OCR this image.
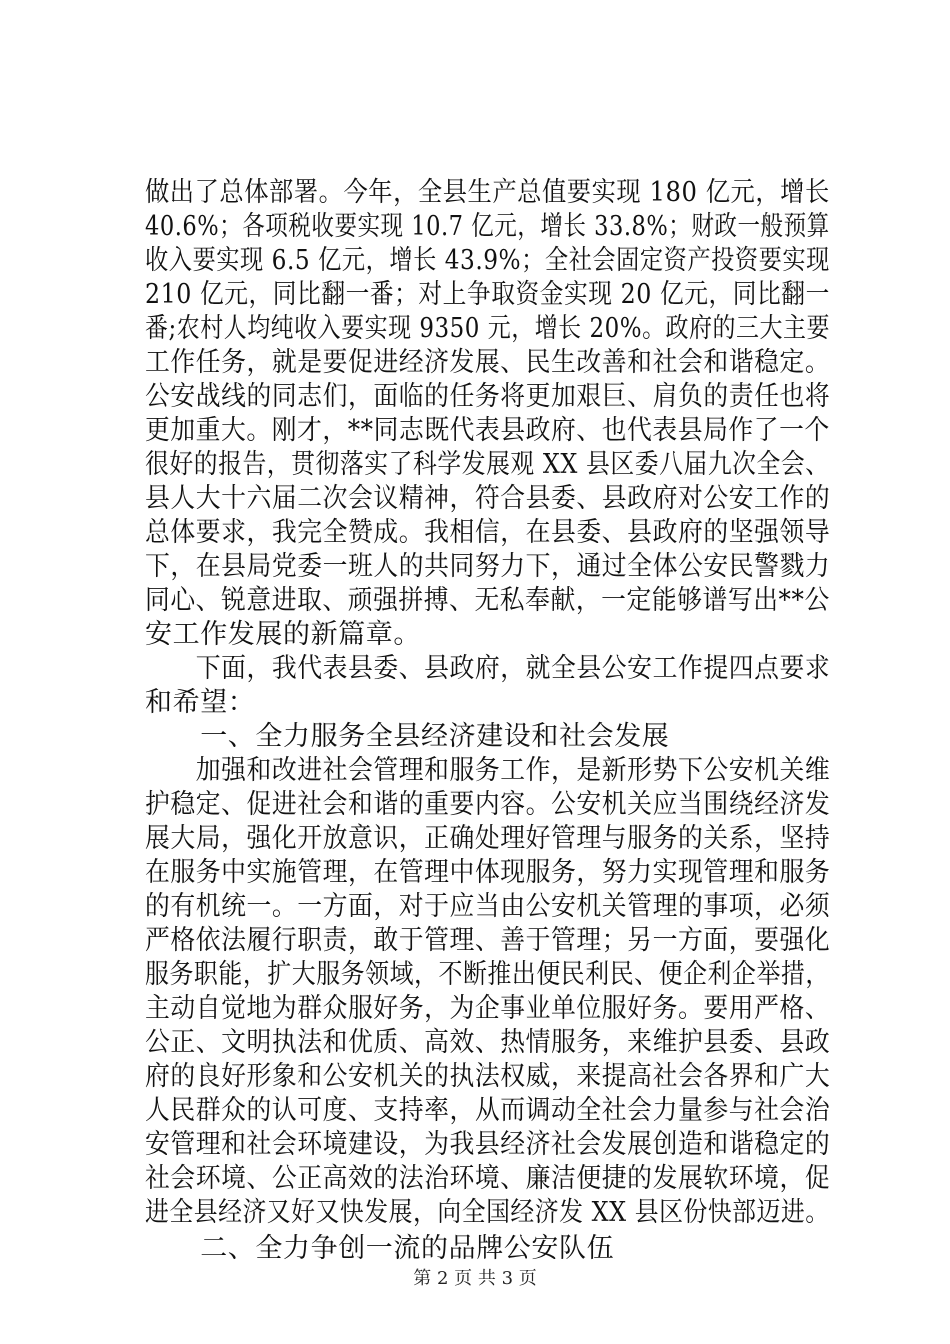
做出了总体部署。今年，全县生产总值要实现 180 亿元，增长
40.6%；各项税收要实现 10.7 亿元，增长 33.8%；财政一般预算
收入要实现 6.5 亿元，增长 43.9%；全社会固定资产投资要实现
210 亿元，同比翻一番；对上争取资金实现 20 亿元，同比翻一
番;农村人均纯收入要实现 9350 元，增长 20%。政府的三大主要
工作任务，就是要促进经济发展、民生改善和社会和谐稳定。
公安战线的同志们，面临的任务将更加艰巨、肩负的责任也将
更加重大。刚才，**同志既代表县政府、也代表县局作了一个
很好的报告，贯彻落实了科学发展观 XX 县区委八届九次全会、
县人大十六届二次会议精神，符合县委、县政府对公安工作的
总体要求，我完全赞成。我相信，在县委、县政府的坚强领导
下，在县局党委一班人的共同努力下，通过全体公安民警戮力
同心、锐意进取、顽强拼搏、无私奉献，一定能够谱写出**公
安工作发展的新篇章。
　　下面，我代表县委、县政府，就全县公安工作提四点要求
和希望：
　　一、全力服务全县经济建设和社会发展
　　加强和改进社会管理和服务工作，是新形势下公安机关维
护稳定、促进社会和谐的重要内容。公安机关应当围绕经济发
展大局，强化开放意识，正确处理好管理与服务的关系，坚持
在服务中实施管理，在管理中体现服务，努力实现管理和服务
的有机统一。一方面，对于应当由公安机关管理的事项，必须
严格依法履行职责，敢于管理、善于管理；另一方面，要强化
服务职能，扩大服务领域，不断推出便民利民、便企利企举措，
主动自觉地为群众服好务，为企事业单位服好务。要用严格、
公正、文明执法和优质、高效、热情服务，来维护县委、县政
府的良好形象和公安机关的执法权威，来提高社会各界和广大
人民群众的认可度、支持率，从而调动全社会力量参与社会治
安管理和社会环境建设，为我县经济社会发展创造和谐稳定的
社会环境、公正高效的法治环境、廉洁便捷的发展软环境，促
进全县经济又好又快发展，向全国经济发 XX 县区份快部迈进。
　　二、全力争创一流的品牌公安队伍
第 2 页 共 3 页
